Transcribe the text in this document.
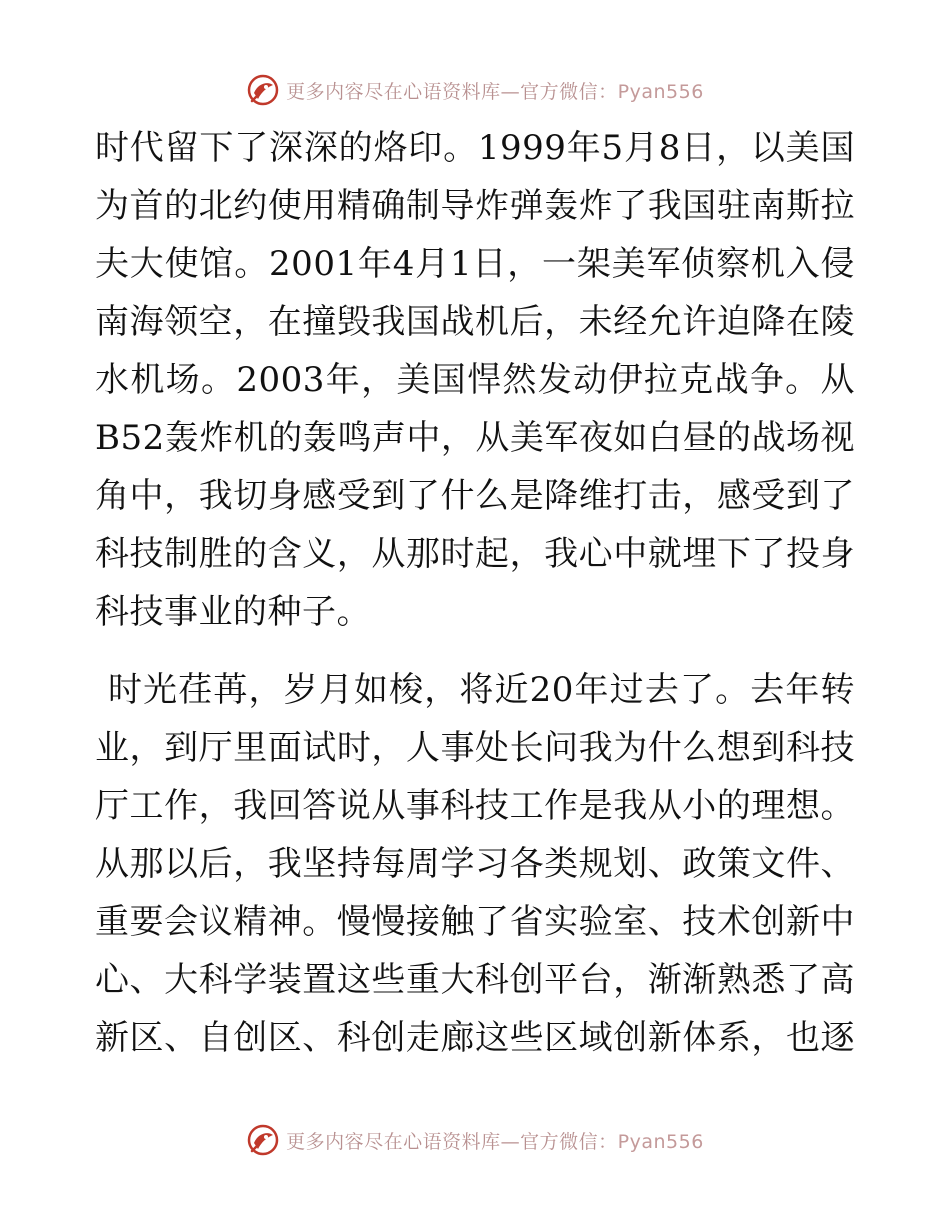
更多内容尽在心语资料库—官方微信：Pyan556
时代留下了深深的烙印。1999年5月8日，以美国
为首的北约使用精确制导炸弹轰炸了我国驻南斯拉
夫大使馆。2001年4月1日，一架美军侦察机入侵
南海领空，在撞毁我国战机后，未经允许迫降在陵
水机场。2003年，美国悍然发动伊拉克战争。从
B52轰炸机的轰鸣声中，从美军夜如白昼的战场视
角中，我切身感受到了什么是降维打击，感受到了
科技制胜的含义，从那时起，我心中就埋下了投身
科技事业的种子。
时光荏苒，岁月如梭，将近20年过去了。去年转
业，到厅里面试时，人事处长问我为什么想到科技
厅工作，我回答说从事科技工作是我从小的理想。
从那以后，我坚持每周学习各类规划、政策文件、
重要会议精神。慢慢接触了省实验室、技术创新中
心、大科学装置这些重大科创平台，渐渐熟悉了高
新区、自创区、科创走廊这些区域创新体系，也逐
更多内容尽在心语资料库—官方微信：Pyan556
